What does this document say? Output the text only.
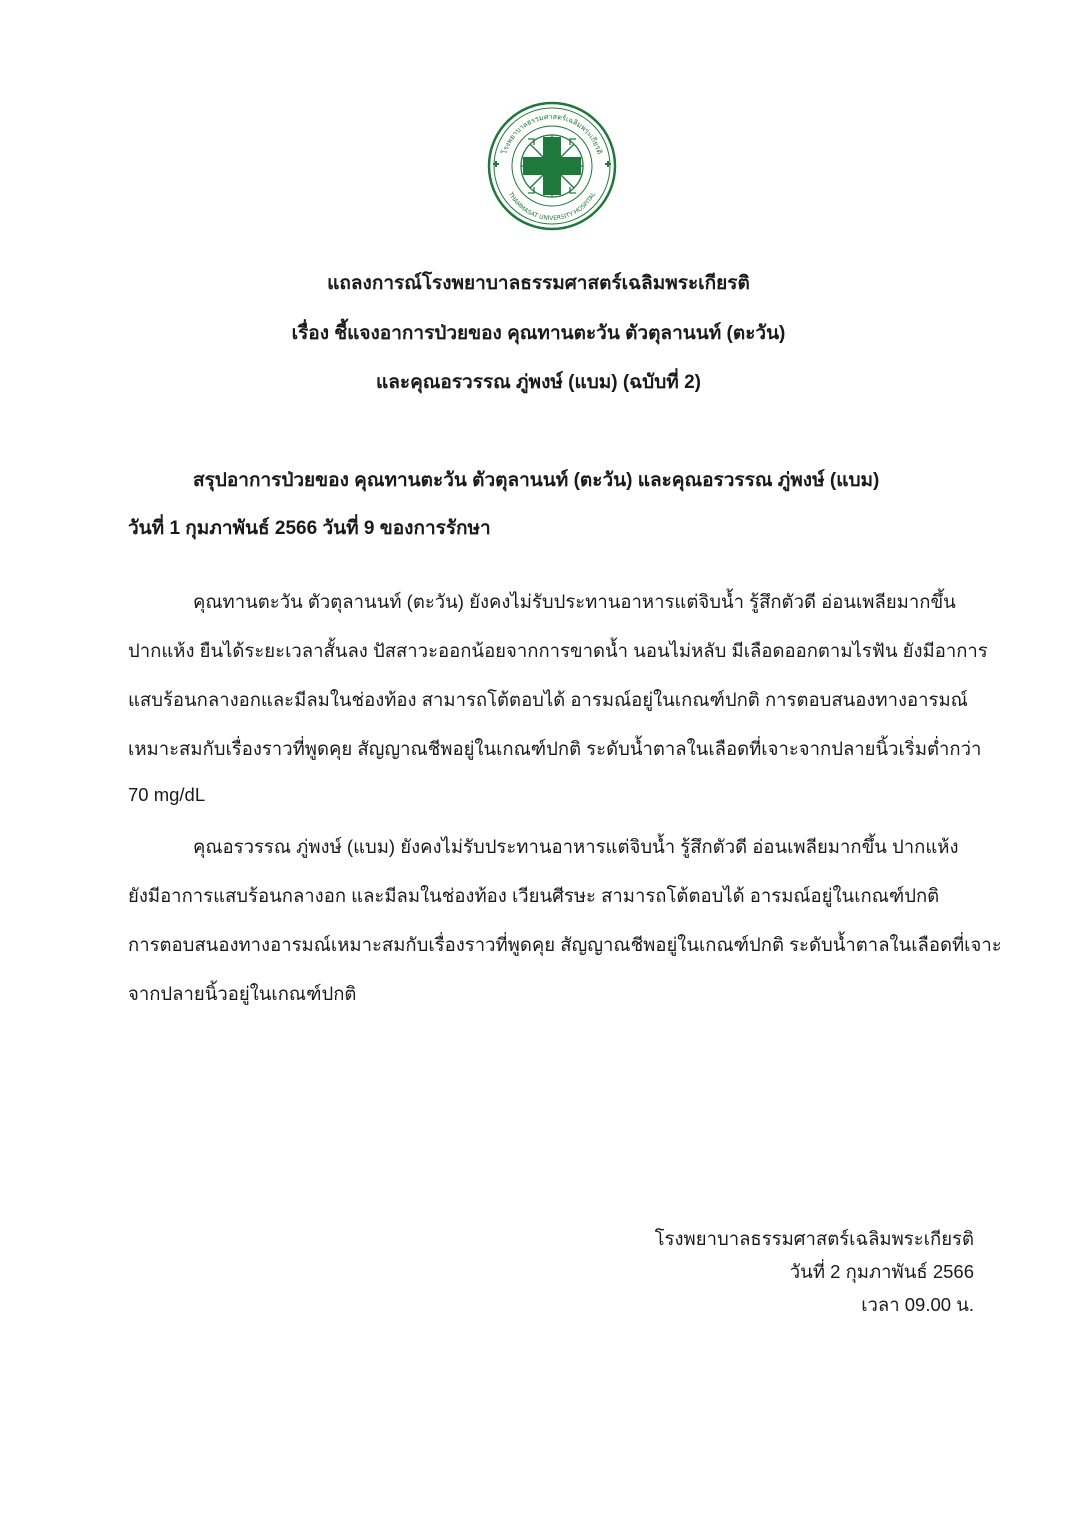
โรงพยาบาลธรรมศาสตร์เฉลิมพระเกียรติ
THAMMASAT UNIVERSITY HOSPITAL
แถลงการณ์โรงพยาบาลธรรมศาสตร์เฉลิมพระเกียรติ
เรื่อง ชี้แจงอาการป่วยของ คุณทานตะวัน ตัวตุลานนท์ (ตะวัน)
และคุณอรวรรณ ภู่พงษ์ (แบม) (ฉบับที่ 2)
สรุปอาการป่วยของ คุณทานตะวัน ตัวตุลานนท์ (ตะวัน) และคุณอรวรรณ ภู่พงษ์ (แบม)
วันที่ 1 กุมภาพันธ์ 2566 วันที่ 9 ของการรักษา
คุณทานตะวัน ตัวตุลานนท์ (ตะวัน) ยังคงไม่รับประทานอาหารแต่จิบน้ำ รู้สึกตัวดี อ่อนเพลียมากขึ้น
ปากแห้ง ยืนได้ระยะเวลาสั้นลง ปัสสาวะออกน้อยจากการขาดน้ำ นอนไม่หลับ มีเลือดออกตามไรฟัน ยังมีอาการ
แสบร้อนกลางอกและมีลมในช่องท้อง สามารถโต้ตอบได้ อารมณ์อยู่ในเกณฑ์ปกติ การตอบสนองทางอารมณ์
เหมาะสมกับเรื่องราวที่พูดคุย สัญญาณชีพอยู่ในเกณฑ์ปกติ ระดับน้ำตาลในเลือดที่เจาะจากปลายนิ้วเริ่มต่ำกว่า
70 mg/dL
คุณอรวรรณ ภู่พงษ์ (แบม) ยังคงไม่รับประทานอาหารแต่จิบน้ำ รู้สึกตัวดี อ่อนเพลียมากขึ้น ปากแห้ง
ยังมีอาการแสบร้อนกลางอก และมีลมในช่องท้อง เวียนศีรษะ สามารถโต้ตอบได้ อารมณ์อยู่ในเกณฑ์ปกติ
การตอบสนองทางอารมณ์เหมาะสมกับเรื่องราวที่พูดคุย สัญญาณชีพอยู่ในเกณฑ์ปกติ ระดับน้ำตาลในเลือดที่เจาะ
จากปลายนิ้วอยู่ในเกณฑ์ปกติ
โรงพยาบาลธรรมศาสตร์เฉลิมพระเกียรติ
วันที่ 2 กุมภาพันธ์ 2566
เวลา 09.00 น.
